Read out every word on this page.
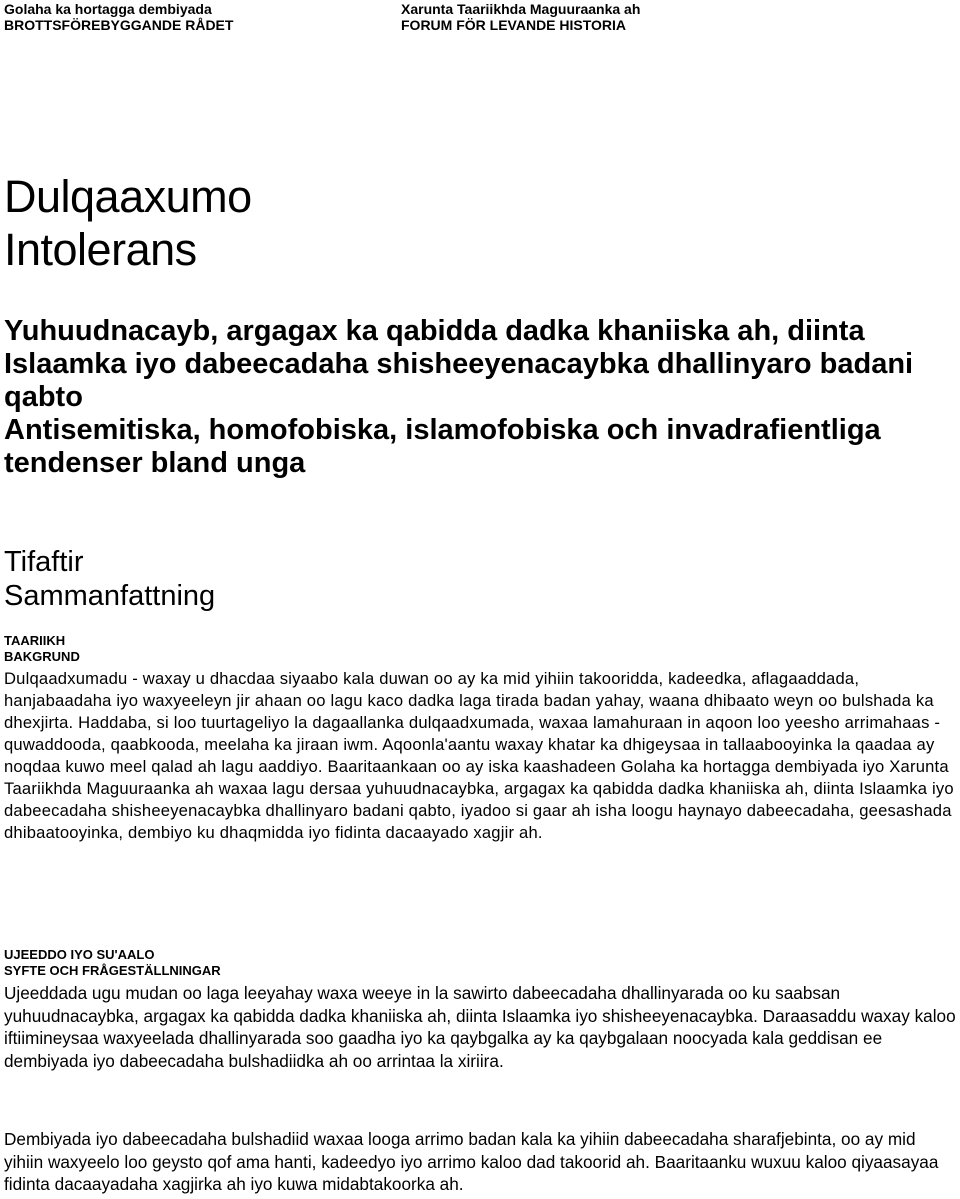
Golaha ka hortagga dembiyada
BROTTSFÖREBYGGANDE RÅDET
Xarunta Taariikhda Maguuraanka ah
FORUM FÖR LEVANDE HISTORIA
Dulqaaxumo
Intolerans
Yuhuudnacayb, argagax ka qabidda dadka khaniiska ah, diinta Islaamka iyo dabeecadaha shisheeyenacaybka dhallinyaro badani qabto
Antisemitiska, homofobiska, islamofobiska och invadrafientliga tendenser bland unga
Tifaftir
Sammanfattning
TAARIIKH
BAKGRUND

Dulqaadxumadu - waxay u dhacdaa siyaabo kala duwan oo ay ka mid yihiin takooridda, kadeedka, aflagaaddada, hanjabaadaha iyo waxyeeleyn jir ahaan oo lagu kaco dadka laga tirada badan yahay, waana dhibaato weyn oo bulshada ka dhexjirta. Haddaba, si loo tuurtageliyo la dagaallanka dulqaadxumada, waxaa lamahuraan in aqoon loo yeesho arrimahaas - quwaddooda, qaabkooda, meelaha ka jiraan iwm. Aqoonla'aantu waxay khatar ka dhigeysaa in tallaabooyinka la qaadaa ay noqdaa kuwo meel qalad ah lagu aaddiyo. Baaritaankaan oo ay iska kaashadeen Golaha ka hortagga dembiyada iyo Xarunta Taariikhda Maguuraanka ah waxaa lagu dersaa yuhuudnacaybka, argagax ka qabidda dadka khaniiska ah, diinta Islaamka iyo dabeecadaha shisheeyenacaybka dhallinyaro badani qabto, iyadoo si gaar ah isha loogu haynayo dabeecadaha, geesashada dhibaatooyinka, dembiyo ku dhaqmidda iyo fidinta dacaayado xagjir ah.

UJEEDDO IYO SU'AALO
SYFTE OCH FRÅGESTÄLLNINGAR

Ujeeddada ugu mudan oo laga leeyahay waxa weeye in la sawirto dabeecadaha dhallinyarada oo ku saabsan yuhuudnacaybka, argagax ka qabidda dadka khaniiska ah, diinta Islaamka iyo shisheeyenacaybka. Daraasaddu waxay kaloo iftiimineysaa waxyeelada dhallinyarada soo gaadha iyo ka qaybgalka ay ka qaybgalaan noocyada kala geddisan ee dembiyada iyo dabeecadaha bulshadiidka ah oo arrintaa la xiriira.

Dembiyada iyo dabeecadaha bulshadiid waxaa looga arrimo badan kala ka yihiin dabeecadaha sharafjebinta, oo ay mid yihiin waxyeelo loo geysto qof ama hanti, kadeedyo iyo arrimo kaloo dad takoorid ah. Baaritaanku wuxuu kaloo qiyaasayaa fidinta dacaayadaha xagjirka ah iyo kuwa midabtakoorka ah.
